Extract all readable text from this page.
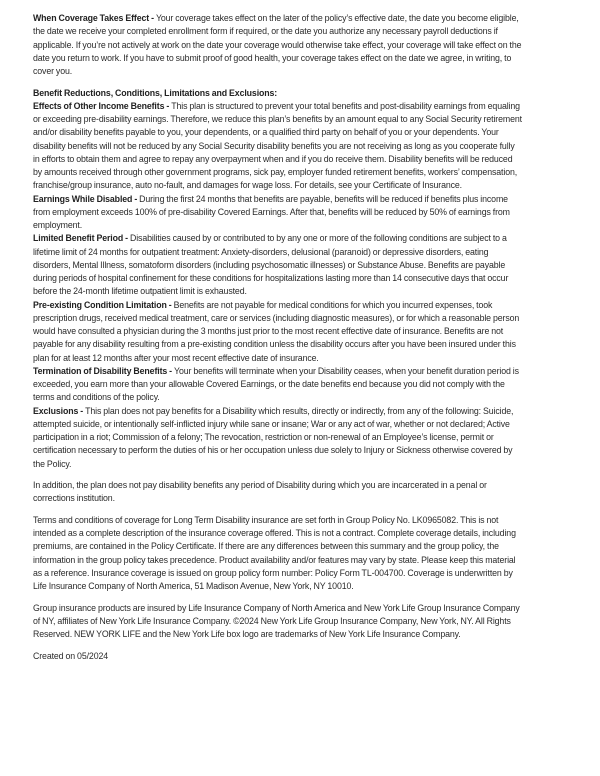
When Coverage Takes Effect - Your coverage takes effect on the later of the policy’s effective date, the date you become eligible, the date we receive your completed enrollment form if required, or the date you authorize any necessary payroll deductions if applicable. If you’re not actively at work on the date your coverage would otherwise take effect, your coverage will take effect on the date you return to work. If you have to submit proof of good health, your coverage takes effect on the date we agree, in writing, to cover you.

Benefit Reductions, Conditions, Limitations and Exclusions:

Effects of Other Income Benefits - This plan is structured to prevent your total benefits and post-disability earnings from equaling or exceeding pre-disability earnings. Therefore, we reduce this plan’s benefits by an amount equal to any Social Security retirement and/or disability benefits payable to you, your dependents, or a qualified third party on behalf of you or your dependents. Your disability benefits will not be reduced by any Social Security disability benefits you are not receiving as long as you cooperate fully in efforts to obtain them and agree to repay any overpayment when and if you do receive them. Disability benefits will be reduced by amounts received through other government programs, sick pay, employer funded retirement benefits, workers’ compensation, franchise/group insurance, auto no-fault, and damages for wage loss. For details, see your Certificate of Insurance.

Earnings While Disabled - During the first 24 months that benefits are payable, benefits will be reduced if benefits plus income from employment exceeds 100% of pre-disability Covered Earnings. After that, benefits will be reduced by 50% of earnings from employment.

Limited Benefit Period - Disabilities caused by or contributed to by any one or more of the following conditions are subject to a lifetime limit of 24 months for outpatient treatment: Anxiety-disorders, delusional (paranoid) or depressive disorders, eating disorders, Mental Illness, somatoform disorders (including psychosomatic illnesses) or Substance Abuse. Benefits are payable during periods of hospital confinement for these conditions for hospitalizations lasting more than 14 consecutive days that occur before the 24-month lifetime outpatient limit is exhausted.

Pre-existing Condition Limitation - Benefits are not payable for medical conditions for which you incurred expenses, took prescription drugs, received medical treatment, care or services (including diagnostic measures), or for which a reasonable person would have consulted a physician during the 3 months just prior to the most recent effective date of insurance. Benefits are not payable for any disability resulting from a pre-existing condition unless the disability occurs after you have been insured under this plan for at least 12 months after your most recent effective date of insurance.

Termination of Disability Benefits - Your benefits will terminate when your Disability ceases, when your benefit duration period is exceeded, you earn more than your allowable Covered Earnings, or the date benefits end because you did not comply with the terms and conditions of the policy.

Exclusions - This plan does not pay benefits for a Disability which results, directly or indirectly, from any of the following: Suicide, attempted suicide, or intentionally self-inflicted injury while sane or insane; War or any act of war, whether or not declared; Active participation in a riot; Commission of a felony; The revocation, restriction or non-renewal of an Employee’s license, permit or certification necessary to perform the duties of his or her occupation unless due solely to Injury or Sickness otherwise covered by the Policy.

In addition, the plan does not pay disability benefits any period of Disability during which you are incarcerated in a penal or corrections institution.

Terms and conditions of coverage for Long Term Disability insurance are set forth in Group Policy No. LK0965082. This is not intended as a complete description of the insurance coverage offered. This is not a contract. Complete coverage details, including premiums, are contained in the Policy Certificate. If there are any differences between this summary and the group policy, the information in the group policy takes precedence. Product availability and/or features may vary by state. Please keep this material as a reference. Insurance coverage is issued on group policy form number: Policy Form TL-004700. Coverage is underwritten by Life Insurance Company of North America, 51 Madison Avenue, New York, NY 10010.

Group insurance products are insured by Life Insurance Company of North America and New York Life Group Insurance Company of NY, affiliates of New York Life Insurance Company. ©2024 New York Life Group Insurance Company, New York, NY. All Rights Reserved. NEW YORK LIFE and the New York Life box logo are trademarks of New York Life Insurance Company.

Created on 05/2024
